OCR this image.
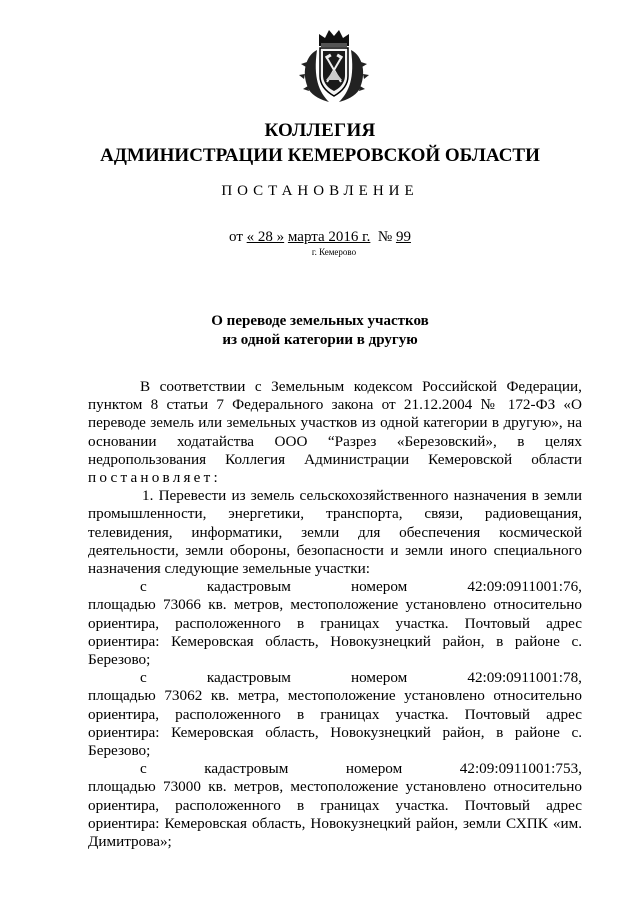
КОЛЛЕГИЯ
АДМИНИСТРАЦИИ КЕМЕРОВСКОЙ ОБЛАСТИ
ПОСТАНОВЛЕНИЕ
от « 28 » марта 2016 г. № 99
г. Кемерово
О переводе земельных участков
из одной категории в другую
В соответствии с Земельным кодексом Российской Федерации,

пунктом 8 статьи 7 Федерального закона от 21.12.2004 № 172-ФЗ «О

переводе земель или земельных участков из одной категории в другую», на

основании ходатайства ООО “Разрез «Березовский», в целях
недропользования Коллегия Администрации Кемеровской области

постановляет:

1. Перевести из земель сельскохозяйственного назначения в земли промышленности, энергетики, транспорта, связи, радиовещания, телевидения, информатики, земли для обеспечения космической деятельности, земли обороны, безопасности и земли иного специального назначения следующие земельные участки:

с	кадастровым	номером	42:09:0911001:76,

площадью 73066 кв. метров, местоположение установлено относительно ориентира, расположенного в границах участка. Почтовый адрес ориентира: Кемеровская область, Новокузнецкий район, в районе с. Березово;

с	кадастровым	номером	42:09:0911001:78,

площадью 73062 кв. метра, местоположение установлено относительно ориентира, расположенного в границах участка. Почтовый адрес ориентира: Кемеровская область, Новокузнецкий район, в районе с. Березово;

с	кадастровым	номером	42:09:0911001:753,

площадью 73000 кв. метров, местоположение установлено относительно ориентира, расположенного в границах участка. Почтовый адрес ориентира: Кемеровская область, Новокузнецкий район, земли СХПК «им. Димитрова»;
